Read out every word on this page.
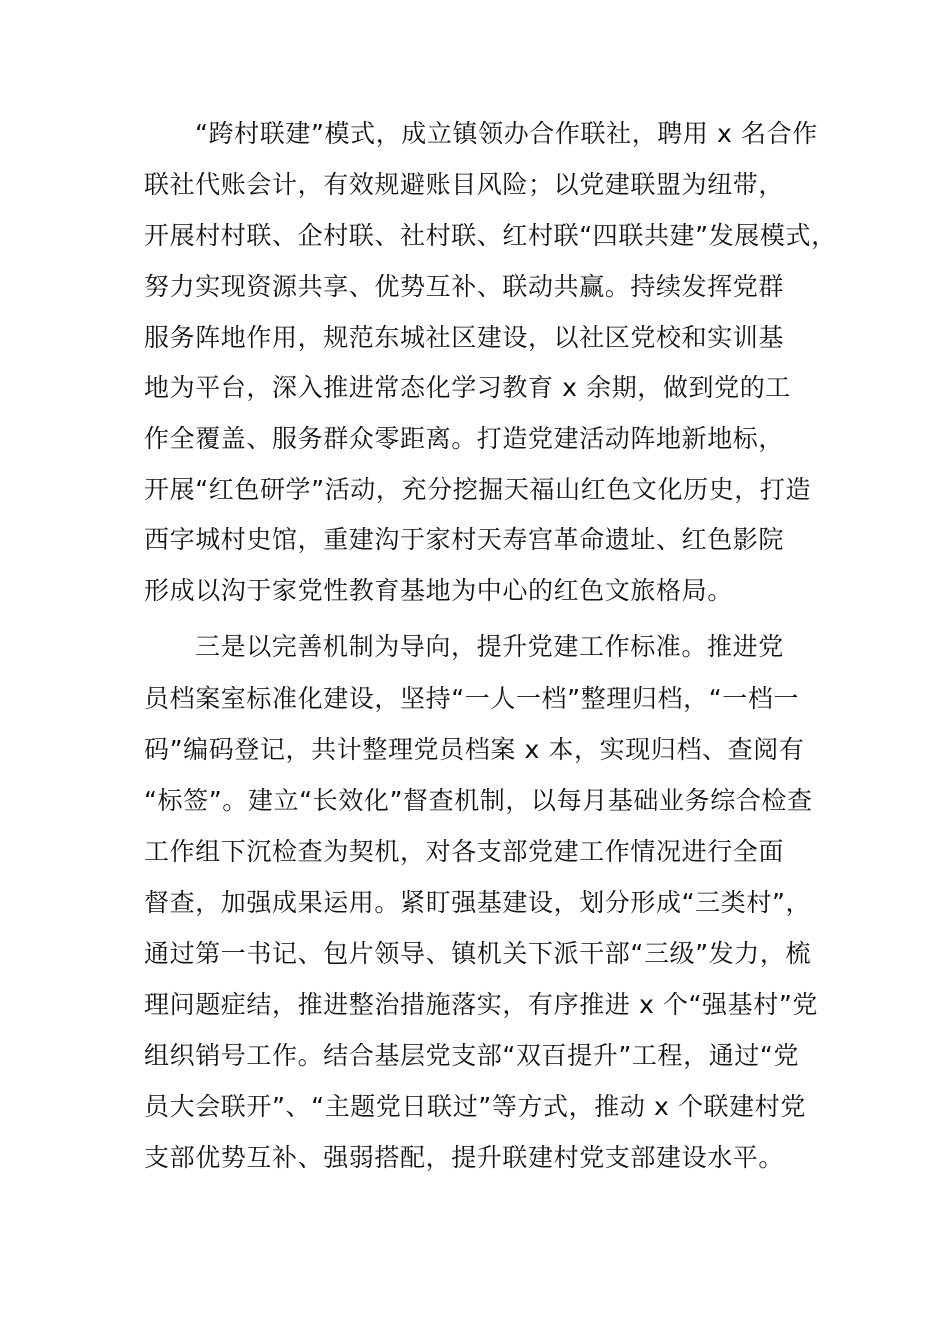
“跨村联建”模式，成立镇领办合作联社，聘用 x 名合作
联社代账会计，有效规避账目风险；以党建联盟为纽带，
开展村村联、企村联、社村联、红村联“四联共建”发展模式，
努力实现资源共享、优势互补、联动共赢。持续发挥党群
服务阵地作用，规范东城社区建设，以社区党校和实训基
地为平台，深入推进常态化学习教育 x 余期，做到党的工
作全覆盖、服务群众零距离。打造党建活动阵地新地标，
开展“红色研学”活动，充分挖掘天福山红色文化历史，打造
西字城村史馆，重建沟于家村天寿宫革命遗址、红色影院
形成以沟于家党性教育基地为中心的红色文旅格局。
三是以完善机制为导向，提升党建工作标准。推进党
员档案室标准化建设，坚持“一人一档”整理归档，“一档一
码”编码登记，共计整理党员档案 x 本，实现归档、查阅有
“标签”。建立“长效化”督查机制，以每月基础业务综合检查
工作组下沉检查为契机，对各支部党建工作情况进行全面
督查，加强成果运用。紧盯强基建设，划分形成“三类村”，
通过第一书记、包片领导、镇机关下派干部“三级”发力，梳
理问题症结，推进整治措施落实，有序推进 x 个“强基村”党
组织销号工作。结合基层党支部“双百提升”工程，通过“党
员大会联开”、“主题党日联过”等方式，推动 x 个联建村党
支部优势互补、强弱搭配，提升联建村党支部建设水平。
